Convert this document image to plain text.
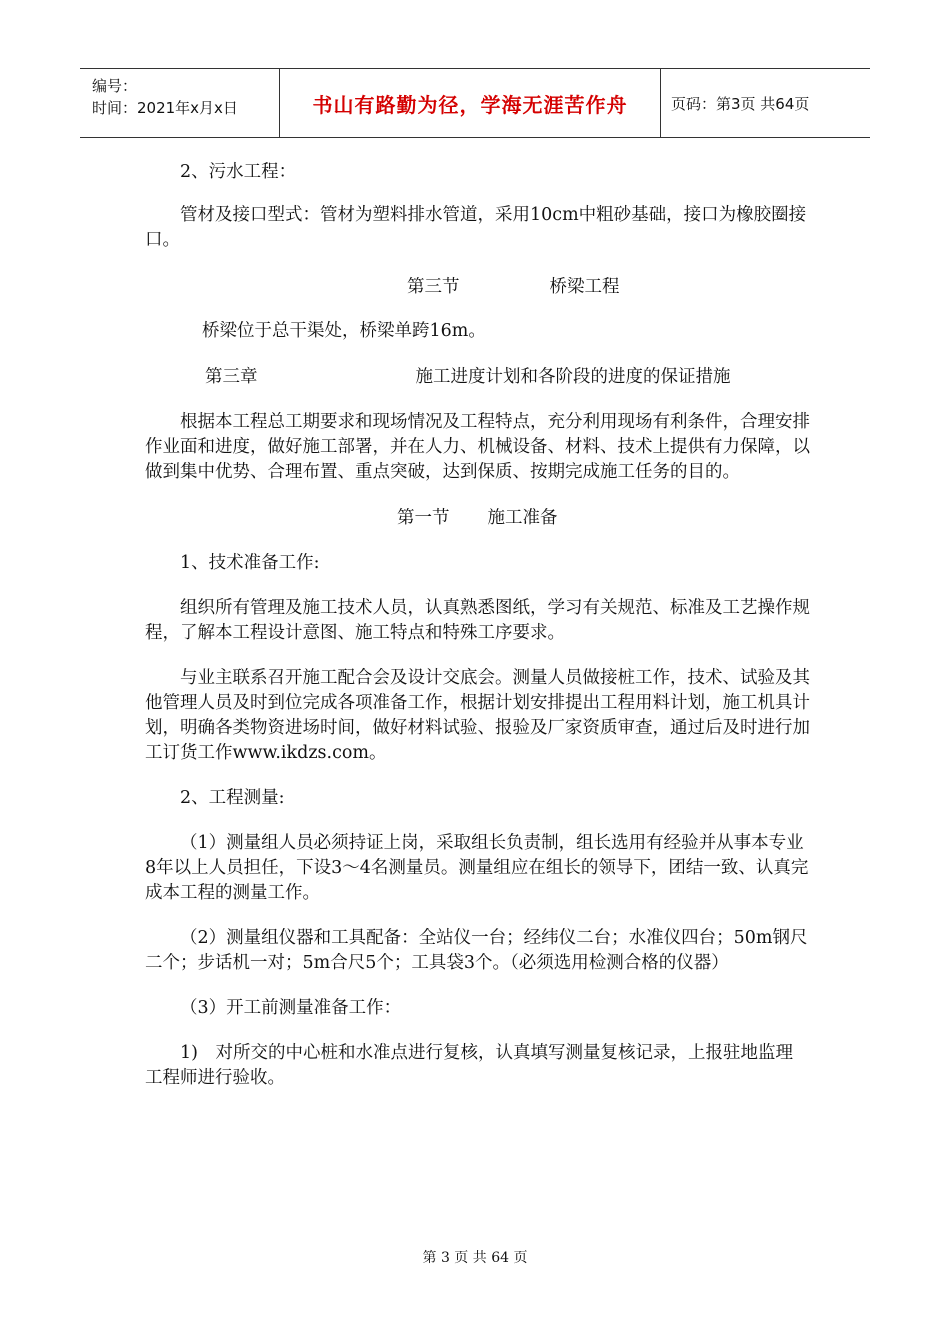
编号：
时间：2021年x月x日	书山有路勤为径，学海无涯苦作舟	页码：第3页 共64页

2、污水工程：

管材及接口型式：管材为塑料排水管道，采用10cm中粗砂基础，接口为橡胶圈接口。

第三节	桥梁工程

桥梁位于总干渠处，桥梁单跨16m。

第三章	施工进度计划和各阶段的进度的保证措施

根据本工程总工期要求和现场情况及工程特点，充分利用现场有利条件，合理安排作业面和进度，做好施工部署，并在人力、机械设备、材料、技术上提供有力保障，以做到集中优势、合理布置、重点突破，达到保质、按期完成施工任务的目的。

第一节 施工准备

1、技术准备工作:

组织所有管理及施工技术人员，认真熟悉图纸，学习有关规范、标准及工艺操作规程，了解本工程设计意图、施工特点和特殊工序要求。

与业主联系召开施工配合会及设计交底会。测量人员做接桩工作，技术、试验及其他管理人员及时到位完成各项准备工作，根据计划安排提出工程用料计划，施工机具计划，明确各类物资进场时间，做好材料试验、报验及厂家资质审查，通过后及时进行加工订货工作www.ikdzs.com。

2、工程测量:

（1）测量组人员必须持证上岗，采取组长负责制，组长选用有经验并从事本专业8年以上人员担任，下设3～4名测量员。测量组应在组长的领导下，团结一致、认真完成本工程的测量工作。

（2）测量组仪器和工具配备：全站仪一台；经纬仪二台；水准仪四台；50m钢尺二个；步话机一对；5m合尺5个；工具袋3个。（必须选用检测合格的仪器）

（3）开工前测量准备工作：

1)　对所交的中心桩和水准点进行复核，认真填写测量复核记录，上报驻地监理工程师进行验收。

第 3 页 共 64 页
